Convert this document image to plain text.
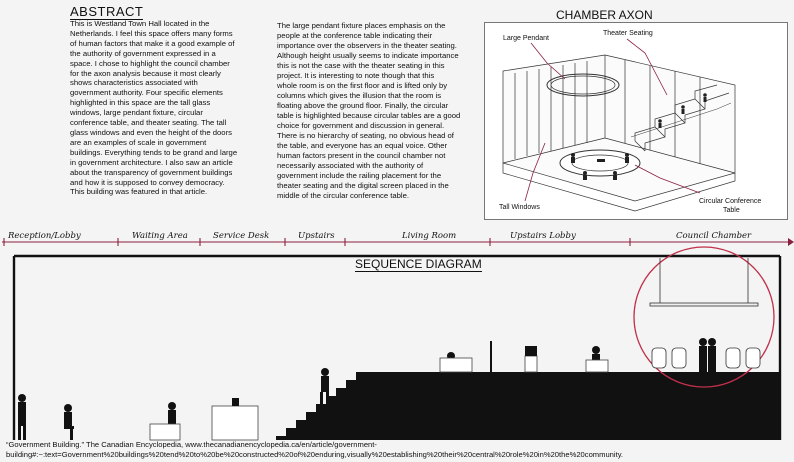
ABSTRACT
This is Westland Town Hall located in the
Netherlands. I feel this space offers many forms
of human factors that make it a good example of
the authority of government expressed in a
space. I chose to highlight the council chamber
for the axon analysis because it most clearly
shows characteristics associated with
government authority. Four specific elements
highlighted in this space are the tall glass
windows, large pendant fixture, circular
conference table, and theater seating. The tall
glass windows and even the height of the doors
are an examples of scale in government
buildings. Everything tends to be grand and large
in government architecture. I also saw an article
about the transparency of government buildings
and how it is supposed to convey democracy.
This building was featured in that article.
The large pendant fixture places emphasis on the
people at the conference table indicating their
importance over the observers in the theater seating.
Although height usually seems to indicate importance
this is not the case with the theater seating in this
project. It is interesting to note though that this
whole room is on the first floor and is lifted only by
columns which gives the illusion that the room is
floating above the ground floor. Finally, the circular
table is highlighted because circular tables are a good
choice for government and discussion in general.
There is no hierarchy of seating, no obvious head of
the table, and everyone has an equal voice. Other
human factors present in the council chamber not
necessarily associated with the authority of
government include the railing placement for the
theater seating and the digital screen placed in the
middle of the circular conference table.
CHAMBER AXON
Large Pendant
Theater Seating
Tall Windows
Circular Conference
Table
Reception/Lobby	Waiting Area	Service Desk	Upstairs	Living Room	Upstairs Lobby	Council Chamber
SEQUENCE DIAGRAM
“Government Building.” The Canadian Encyclopedia, www.thecanadianencyclopedia.ca/en/article/government-
building#:~:text=Government%20buildings%20tend%20to%20be%20constructed%20of%20enduring,visually%20establishing%20their%20central%20role%20in%20the%20community.
